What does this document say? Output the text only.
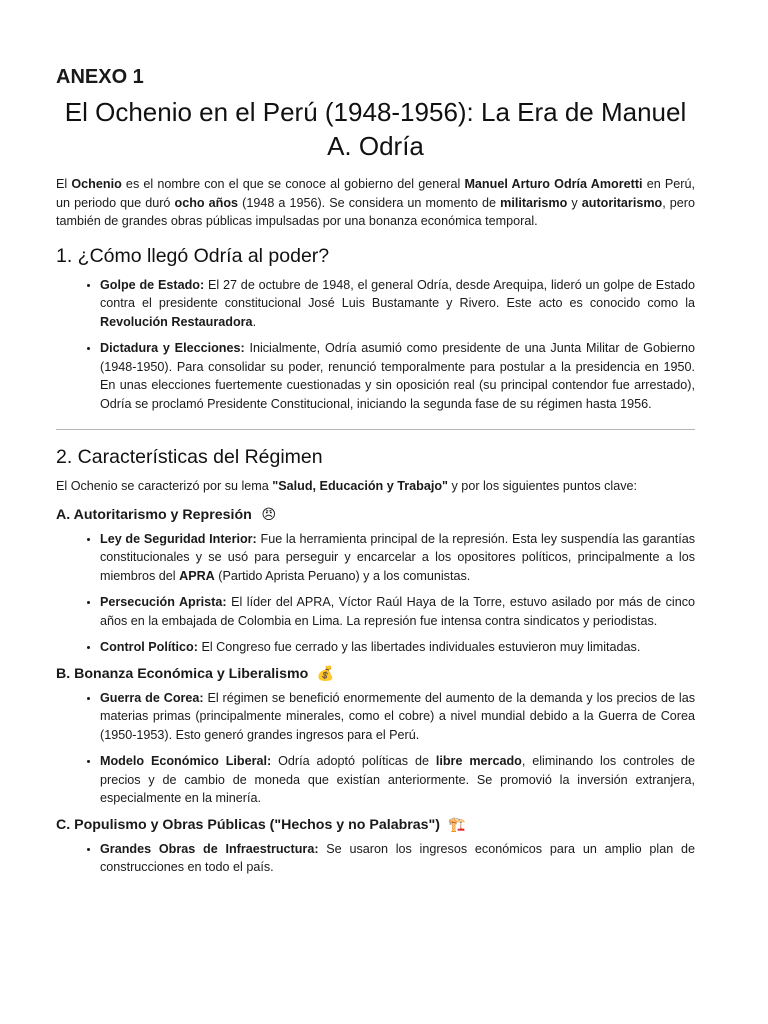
ANEXO 1
El Ochenio en el Perú (1948-1956): La Era de Manuel A. Odría

El Ochenio es el nombre con el que se conoce al gobierno del general Manuel Arturo Odría Amoretti en Perú, un periodo que duró ocho años (1948 a 1956). Se considera un momento de militarismo y autoritarismo, pero también de grandes obras públicas impulsadas por una bonanza económica temporal.

1. ¿Cómo llegó Odría al poder?
• Golpe de Estado: El 27 de octubre de 1948, el general Odría, desde Arequipa, lideró un golpe de Estado contra el presidente constitucional José Luis Bustamante y Rivero. Este acto es conocido como la Revolución Restauradora.
• Dictadura y Elecciones: Inicialmente, Odría asumió como presidente de una Junta Militar de Gobierno (1948-1950). Para consolidar su poder, renunció temporalmente para postular a la presidencia en 1950. En unas elecciones fuertemente cuestionadas y sin oposición real (su principal contendor fue arrestado), Odría se proclamó Presidente Constitucional, iniciando la segunda fase de su régimen hasta 1956.
2. Características del Régimen

El Ochenio se caracterizó por su lema "Salud, Educación y Trabajo" y por los siguientes puntos clave:

A. Autoritarismo y Represión 😠
• Ley de Seguridad Interior: Fue la herramienta principal de la represión. Esta ley suspendía las garantías constitucionales y se usó para perseguir y encarcelar a los opositores políticos, principalmente a los miembros del APRA (Partido Aprista Peruano) y a los comunistas.
• Persecución Aprista: El líder del APRA, Víctor Raúl Haya de la Torre, estuvo asilado por más de cinco años en la embajada de Colombia en Lima. La represión fue intensa contra sindicatos y periodistas.
• Control Político: El Congreso fue cerrado y las libertades individuales estuvieron muy limitadas.
B. Bonanza Económica y Liberalismo 💰
• Guerra de Corea: El régimen se benefició enormemente del aumento de la demanda y los precios de las materias primas (principalmente minerales, como el cobre) a nivel mundial debido a la Guerra de Corea (1950-1953). Esto generó grandes ingresos para el Perú.
• Modelo Económico Liberal: Odría adoptó políticas de libre mercado, eliminando los controles de precios y de cambio de moneda que existían anteriormente. Se promovió la inversión extranjera, especialmente en la minería.
C. Populismo y Obras Públicas ("Hechos y no Palabras") 🏗️
• Grandes Obras de Infraestructura: Se usaron los ingresos económicos para un amplio plan de construcciones en todo el país.
